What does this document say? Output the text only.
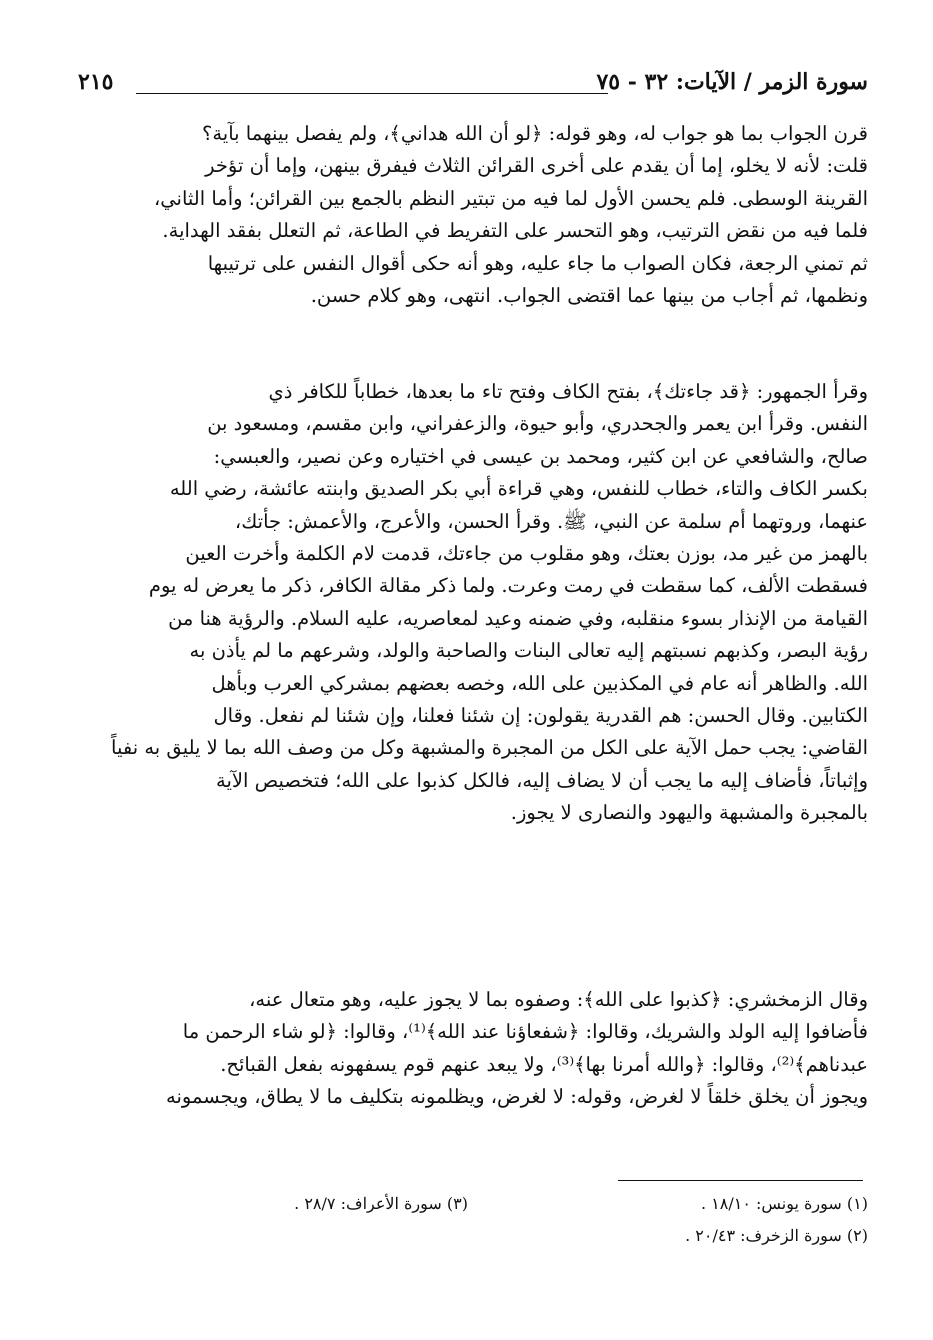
سورة الزمر / الآيات: ٣٢ - ٧٥
٢١٥
قرن الجواب بما هو جواب له، وهو قوله: ﴿لو أن الله هداني﴾، ولم يفصل بينهما بآية؟
قلت: لأنه لا يخلو، إما أن يقدم على أخرى القرائن الثلاث فيفرق بينهن، وإما أن تؤخر
القرينة الوسطى. فلم يحسن الأول لما فيه من تبتير النظم بالجمع بين القرائن؛ وأما الثاني،
فلما فيه من نقض الترتيب، وهو التحسر على التفريط في الطاعة، ثم التعلل بفقد الهداية.
ثم تمني الرجعة، فكان الصواب ما جاء عليه، وهو أنه حكى أقوال النفس على ترتيبها
ونظمها، ثم أجاب من بينها عما اقتضى الجواب. انتهى، وهو كلام حسن.
وقرأ الجمهور: ﴿قد جاءتك﴾، بفتح الكاف وفتح تاء ما بعدها، خطاباً للكافر ذي
النفس. وقرأ ابن يعمر والجحدري، وأبو حيوة، والزعفراني، وابن مقسم، ومسعود بن
صالح، والشافعي عن ابن كثير، ومحمد بن عيسى في اختياره وعن نصير، والعبسي:
بكسر الكاف والتاء، خطاب للنفس، وهي قراءة أبي بكر الصديق وابنته عائشة، رضي الله
عنهما، وروتهما أم سلمة عن النبي، ﷺ. وقرأ الحسن، والأعرج، والأعمش: جأتك،
بالهمز من غير مد، بوزن بعتك، وهو مقلوب من جاءتك، قدمت لام الكلمة وأخرت العين
فسقطت الألف، كما سقطت في رمت وعرت. ولما ذكر مقالة الكافر، ذكر ما يعرض له يوم
القيامة من الإنذار بسوء منقلبه، وفي ضمنه وعيد لمعاصريه، عليه السلام. والرؤية هنا من
رؤية البصر، وكذبهم نسبتهم إليه تعالى البنات والصاحبة والولد، وشرعهم ما لم يأذن به
الله. والظاهر أنه عام في المكذبين على الله، وخصه بعضهم بمشركي العرب وبأهل
الكتابين. وقال الحسن: هم القدرية يقولون: إن شئنا فعلنا، وإن شئنا لم نفعل. وقال
القاضي: يجب حمل الآية على الكل من المجبرة والمشبهة وكل من وصف الله بما لا يليق به نفياً
وإثباتاً، فأضاف إليه ما يجب أن لا يضاف إليه، فالكل كذبوا على الله؛ فتخصيص الآية
بالمجبرة والمشبهة واليهود والنصارى لا يجوز.
وقال الزمخشري: ﴿كذبوا على الله﴾: وصفوه بما لا يجوز عليه، وهو متعال عنه،
فأضافوا إليه الولد والشريك، وقالوا: ﴿شفعاؤنا عند الله﴾⁽¹⁾، وقالوا: ﴿لو شاء الرحمن ما
عبدناهم﴾⁽²⁾، وقالوا: ﴿والله أمرنا بها﴾⁽³⁾، ولا يبعد عنهم قوم يسفهونه بفعل القبائح.
ويجوز أن يخلق خلقاً لا لغرض، وقوله: لا لغرض، ويظلمونه بتكليف ما لا يطاق، ويجسمونه
(١) سورة يونس: ١٨/١٠ .
(٢) سورة الزخرف: ٢٠/٤٣ .
(٣) سورة الأعراف: ٢٨/٧ .
